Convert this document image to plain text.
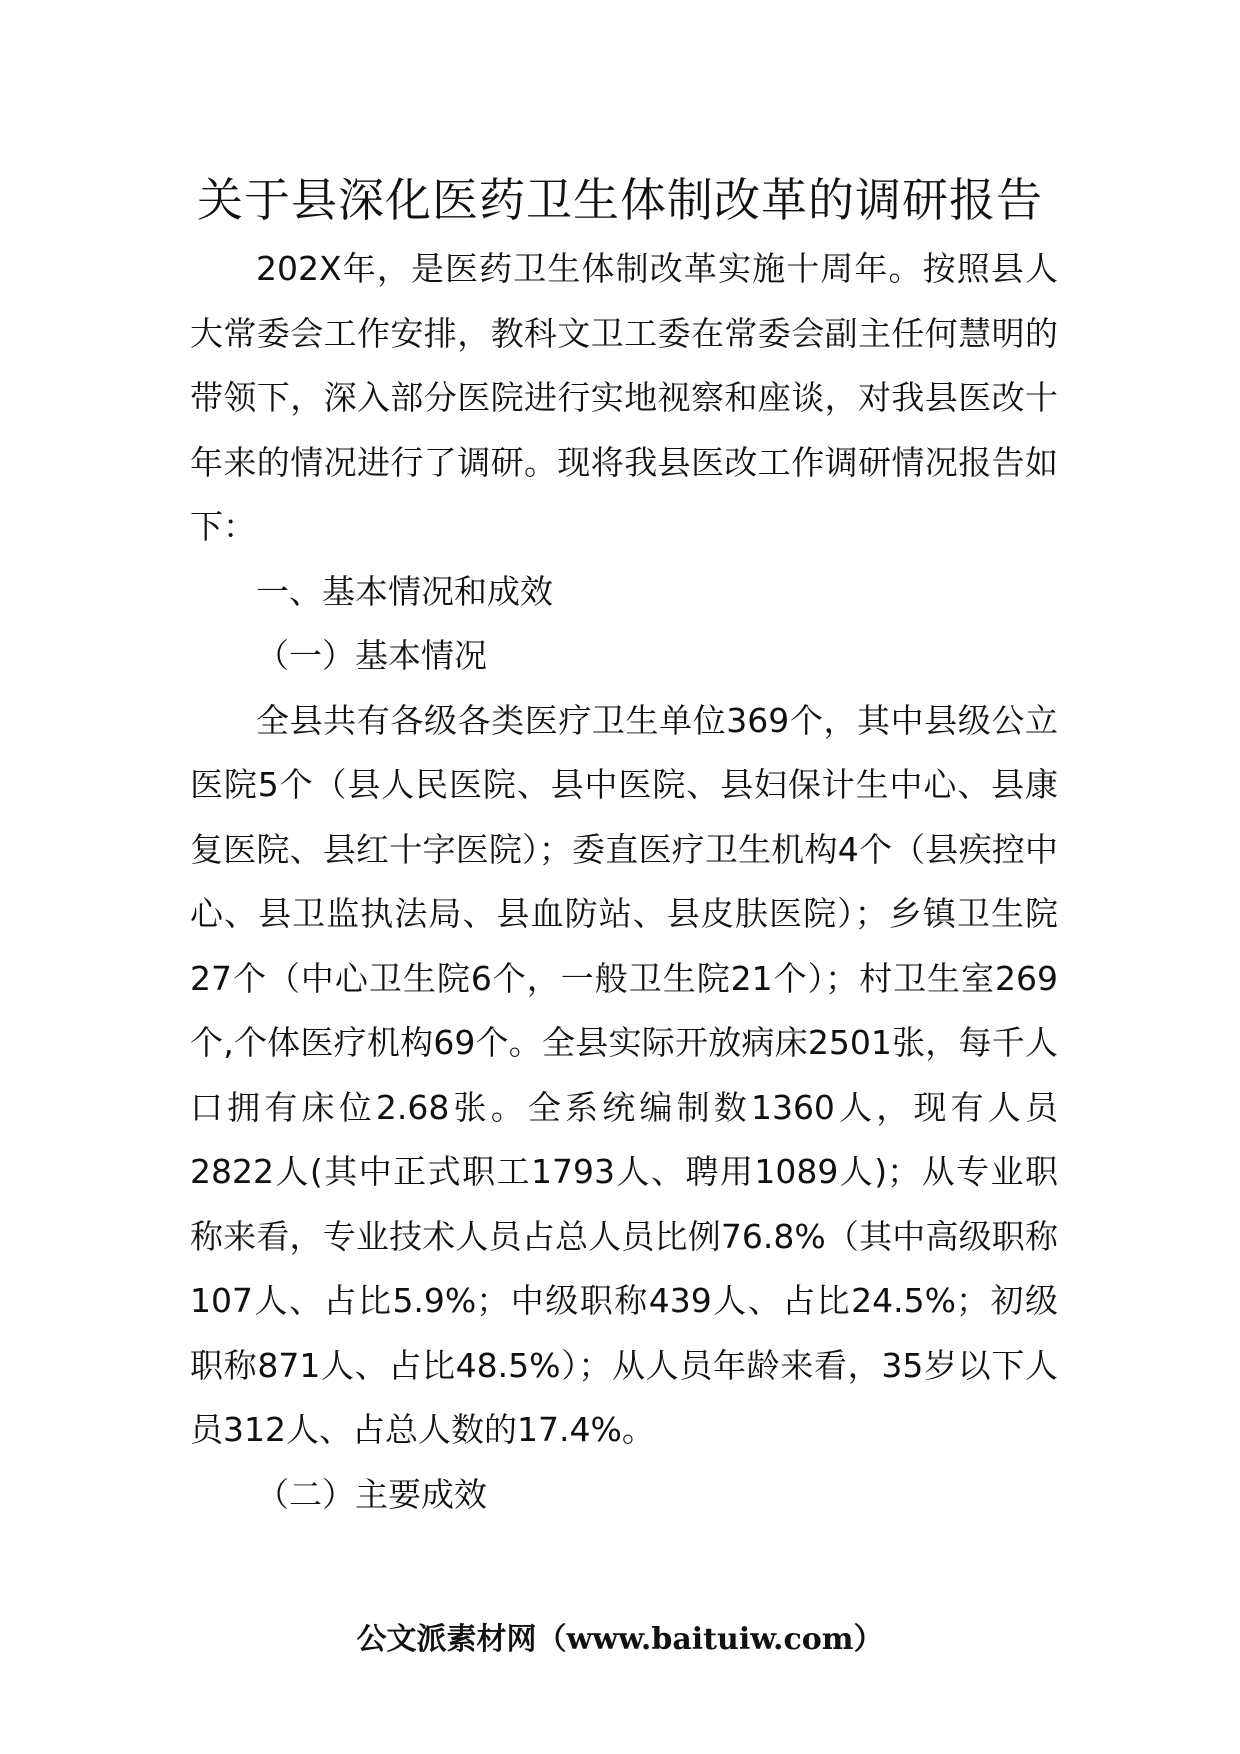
关于县深化医药卫生体制改革的调研报告

202X年，是医药卫生体制改革实施十周年。按照县人大常委会工作安排，教科文卫工委在常委会副主任何慧明的带领下，深入部分医院进行实地视察和座谈，对我县医改十年来的情况进行了调研。现将我县医改工作调研情况报告如下：

一、基本情况和成效

（一）基本情况

全县共有各级各类医疗卫生单位369个，其中县级公立医院5个（县人民医院、县中医院、县妇保计生中心、县康复医院、县红十字医院）；委直医疗卫生机构4个（县疾控中心、县卫监执法局、县血防站、县皮肤医院）；乡镇卫生院27个（中心卫生院6个，一般卫生院21个）；村卫生室269个,个体医疗机构69个。全县实际开放病床2501张，每千人口拥有床位2.68张。全系统编制数1360人，现有人员2822人(其中正式职工1793人、聘用1089人)；从专业职称来看，专业技术人员占总人员比例76.8%（其中高级职称107人、占比5.9%；中级职称439人、占比24.5%；初级职称871人、占比48.5%）；从人员年龄来看，35岁以下人员312人、占总人数的17.4%。

（二）主要成效

公文派素材网（www.baituiw.com）
